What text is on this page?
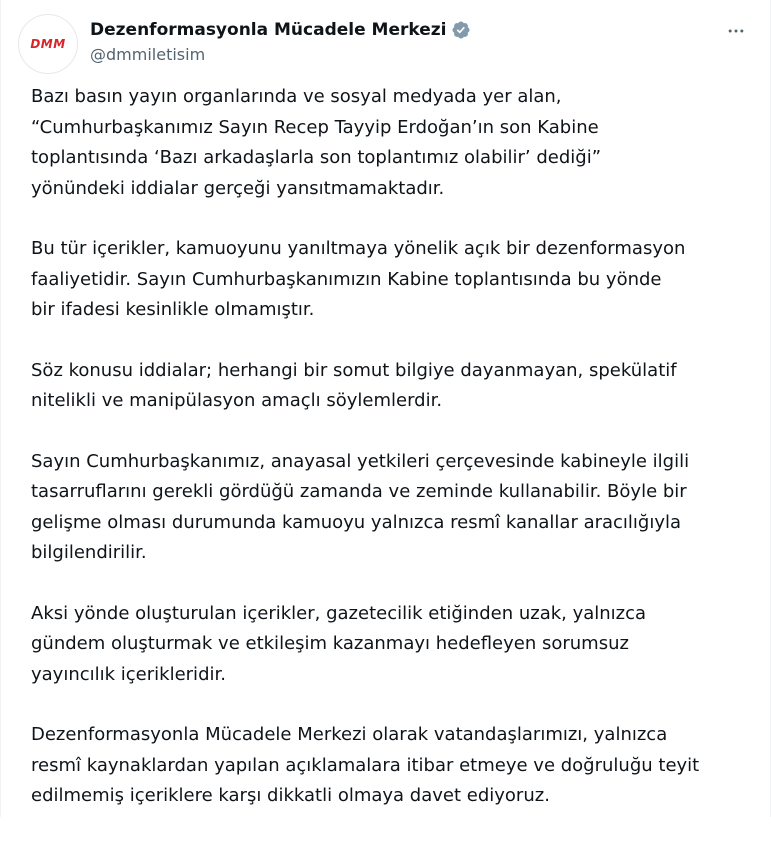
DMM
Dezenformasyonla Mücadele Merkezi
@dmmiletisim

Bazı basın yayın organlarında ve sosyal medyada yer alan,
“Cumhurbaşkanımız Sayın Recep Tayyip Erdoğan’ın son Kabine
toplantısında ‘Bazı arkadaşlarla son toplantımız olabilir’ dediği”
yönündeki iddialar gerçeği yansıtmamaktadır.

Bu tür içerikler, kamuoyunu yanıltmaya yönelik açık bir dezenformasyon
faaliyetidir. Sayın Cumhurbaşkanımızın Kabine toplantısında bu yönde
bir ifadesi kesinlikle olmamıştır.

Söz konusu iddialar; herhangi bir somut bilgiye dayanmayan, spekülatif
nitelikli ve manipülasyon amaçlı söylemlerdir.

Sayın Cumhurbaşkanımız, anayasal yetkileri çerçevesinde kabineyle ilgili
tasarruflarını gerekli gördüğü zamanda ve zeminde kullanabilir. Böyle bir
gelişme olması durumunda kamuoyu yalnızca resmî kanallar aracılığıyla
bilgilendirilir.

Aksi yönde oluşturulan içerikler, gazetecilik etiğinden uzak, yalnızca
gündem oluşturmak ve etkileşim kazanmayı hedefleyen sorumsuz
yayıncılık içerikleridir.

Dezenformasyonla Mücadele Merkezi olarak vatandaşlarımızı, yalnızca
resmî kaynaklardan yapılan açıklamalara itibar etmeye ve doğruluğu teyit
edilmemiş içeriklere karşı dikkatli olmaya davet ediyoruz.
